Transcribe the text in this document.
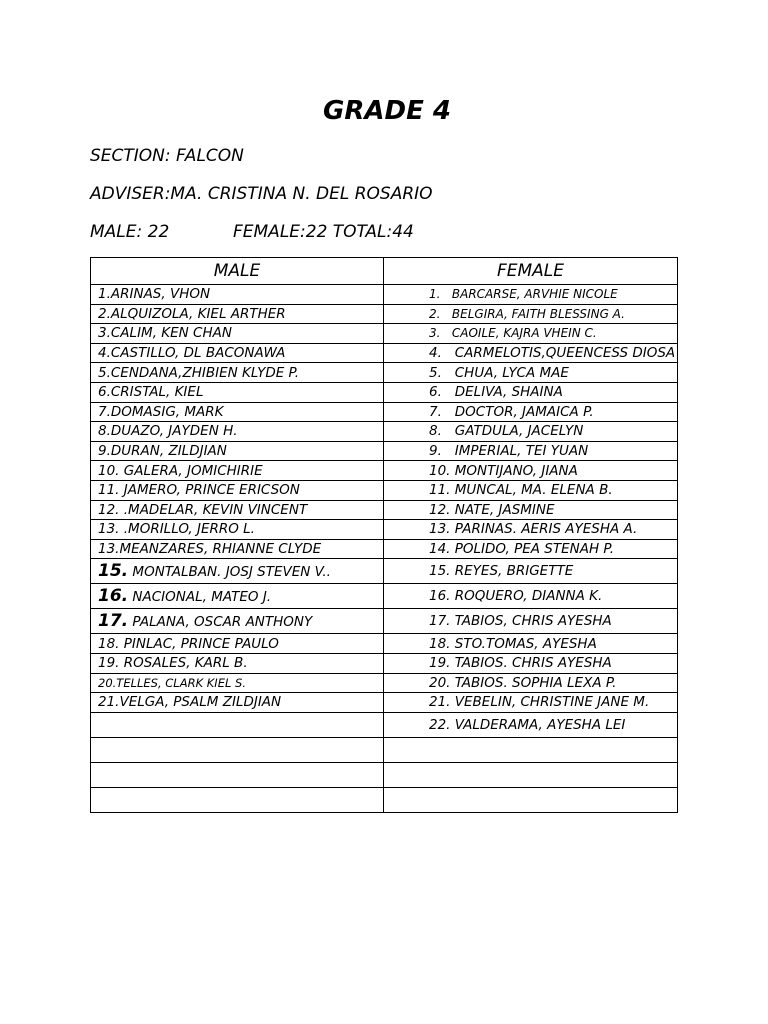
GRADE 4
SECTION: FALCON
ADVISER:MA. CRISTINA N. DEL ROSARIO
MALE: 22	FEMALE:22 TOTAL:44
MALE	FEMALE
1.ARINAS, VHON	1.   BARCARSE, ARVHIE NICOLE
2.ALQUIZOLA, KIEL ARTHER	2.   BELGIRA, FAITH BLESSING A.
3.CALIM, KEN CHAN	3.   CAOILE, KAJRA VHEIN C.
4.CASTILLO, DL BACONAWA	4.   CARMELOTIS,QUEENCESS DIOSA
5.CENDANA,ZHIBIEN KLYDE P.	5.   CHUA, LYCA MAE
6.CRISTAL, KIEL	6.   DELIVA, SHAINA
7.DOMASIG, MARK	7.   DOCTOR, JAMAICA P.
8.DUAZO, JAYDEN H.	8.   GATDULA, JACELYN
9.DURAN, ZILDJIAN	9.   IMPERIAL, TEI YUAN
10. GALERA, JOMICHIRIE	10. MONTIJANO, JIANA
11. JAMERO, PRINCE ERICSON	11. MUNCAL, MA. ELENA B.
12. .MADELAR, KEVIN VINCENT	12. NATE, JASMINE
13. .MORILLO, JERRO L.	13. PARINAS. AERIS AYESHA A.
13.MEANZARES, RHIANNE CLYDE	14. POLIDO, PEA STENAH P.
15. MONTALBAN. JOSJ STEVEN V..	15. REYES, BRIGETTE
16. NACIONAL, MATEO J.	16. ROQUERO, DIANNA K.
17. PALANA, OSCAR ANTHONY	17. TABIOS, CHRIS AYESHA
18. PINLAC, PRINCE PAULO	18. STO.TOMAS, AYESHA
19. ROSALES, KARL B.	19. TABIOS. CHRIS AYESHA
20.TELLES, CLARK KIEL S.	20. TABIOS. SOPHIA LEXA P.
21.VELGA, PSALM ZILDJIAN	21. VEBELIN, CHRISTINE JANE M.
	22. VALDERAMA, AYESHA LEI
